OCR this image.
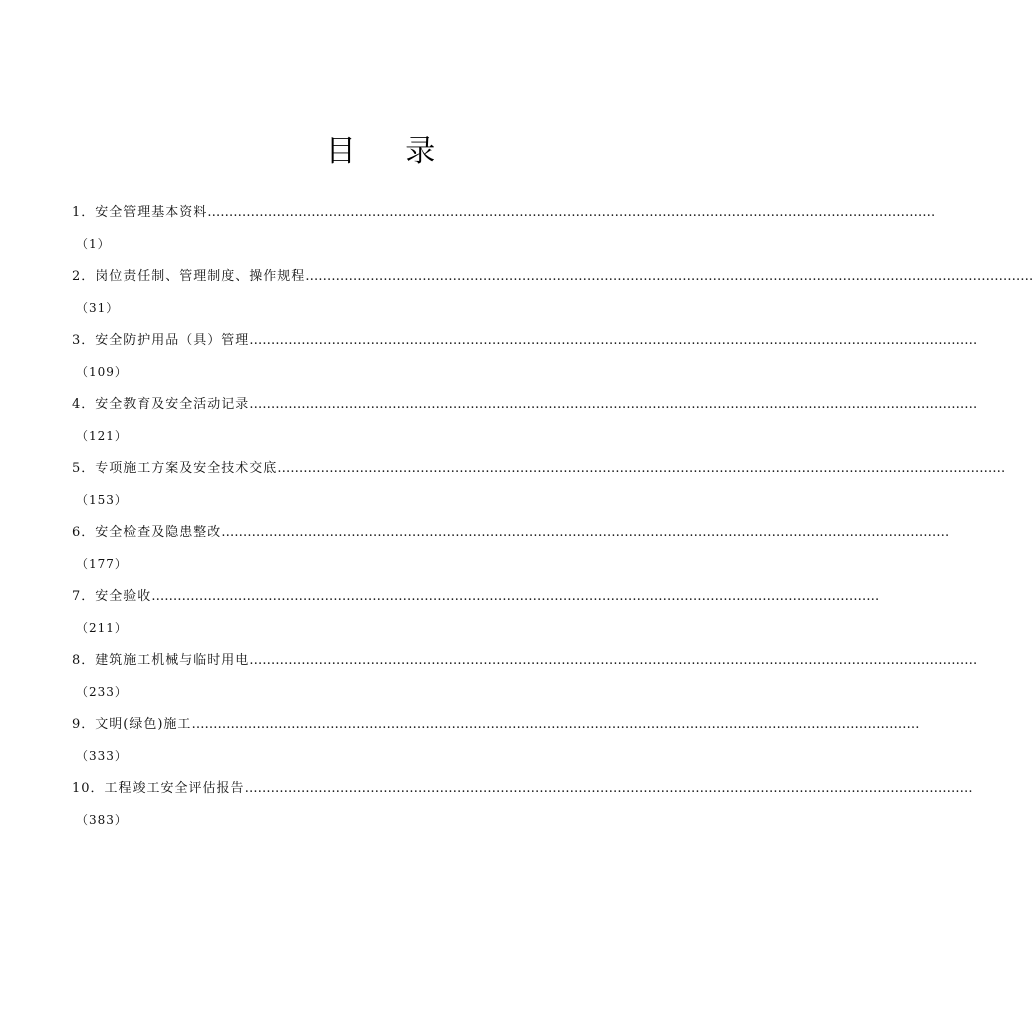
目 录
1． 安全管理基本资料 ……………………………………………………………………………………………………………………………………………………
（1）
2． 岗位责任制、管理制度、操作规程 ……………………………………………………………………………………………………………………………………………………
（31）
3． 安全防护用品（具）管理 ……………………………………………………………………………………………………………………………………………………
（109）
4． 安全教育及安全活动记录 ……………………………………………………………………………………………………………………………………………………
（121）
5． 专项施工方案及安全技术交底 ……………………………………………………………………………………………………………………………………………………
（153）
6． 安全检查及隐患整改 ……………………………………………………………………………………………………………………………………………………
（177）
7． 安全验收 ……………………………………………………………………………………………………………………………………………………
（211）
8． 建筑施工机械与临时用电 ……………………………………………………………………………………………………………………………………………………
（233）
9． 文明(绿色)施工 ……………………………………………………………………………………………………………………………………………………
（333）
10． 工程竣工安全评估报告 ……………………………………………………………………………………………………………………………………………………
（383）
